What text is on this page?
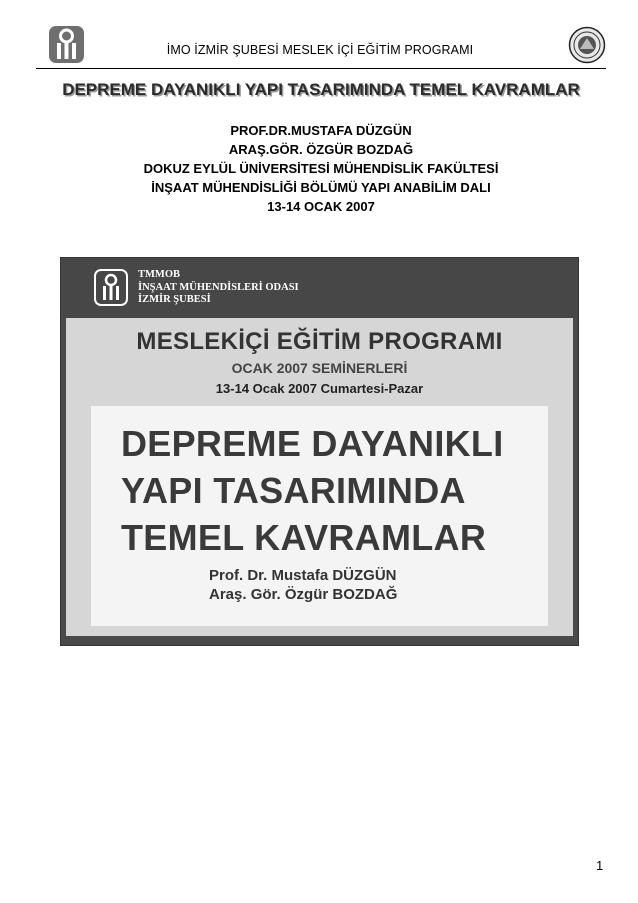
İMO İZMİR ŞUBESİ MESLEK İÇİ EĞİTİM PROGRAMI
DEPREME DAYANIKLI YAPI TASARIMINDA TEMEL KAVRAMLAR
PROF.DR.MUSTAFA DÜZGÜN
ARAŞ.GÖR. ÖZGÜR BOZDAĞ
DOKUZ EYLÜL ÜNİVERSİTESİ MÜHENDİSLİK FAKÜLTESİ
İNŞAAT MÜHENDİSLİĞİ BÖLÜMÜ YAPI ANABİLİM DALI
13-14 OCAK 2007
TMMOB
İNŞAAT MÜHENDİSLERİ ODASI
İZMİR ŞUBESİ
MESLEKİÇİ EĞİTİM PROGRAMI
OCAK 2007 SEMİNERLERİ
13-14 Ocak 2007 Cumartesi-Pazar
DEPREME DAYANIKLI
YAPI TASARIMINDA
TEMEL KAVRAMLAR
Prof. Dr. Mustafa DÜZGÜN
Araş. Gör. Özgür BOZDAĞ
1
